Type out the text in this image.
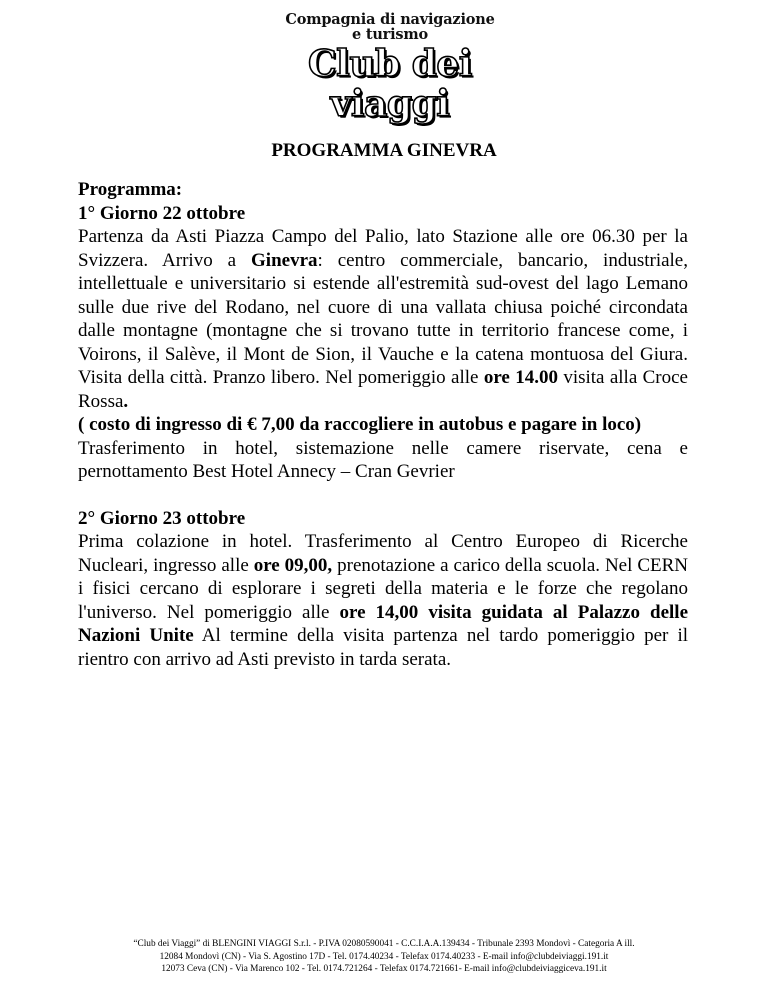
Compagnia di navigazione
e turismo
Club dei viaggi
PROGRAMMA GINEVRA

Programma:

1° Giorno 22 ottobre

Partenza da Asti Piazza Campo del Palio, lato Stazione alle ore 06.30 per la Svizzera. Arrivo a Ginevra: centro commerciale, bancario, industriale, intellettuale e universitario si estende all'estremità sud-ovest del lago Lemano sulle due rive del Rodano, nel cuore di una vallata chiusa poiché circondata dalle montagne (montagne che si trovano tutte in territorio francese come, i Voirons, il Salève, il Mont de Sion, il Vauche e la catena montuosa del Giura. Visita della città. Pranzo libero. Nel pomeriggio alle ore 14.00 visita alla Croce Rossa.

( costo di ingresso di € 7,00 da raccogliere in autobus e pagare in loco)

Trasferimento in hotel, sistemazione nelle camere riservate, cena e pernottamento Best Hotel Annecy – Cran Gevrier

2° Giorno 23 ottobre

Prima colazione in hotel. Trasferimento al Centro Europeo di Ricerche Nucleari, ingresso alle ore 09,00, prenotazione a carico della scuola. Nel CERN i fisici cercano di esplorare i segreti della materia e le forze che regolano l'universo. Nel pomeriggio alle ore 14,00 visita guidata al Palazzo delle Nazioni Unite Al termine della visita partenza nel tardo pomeriggio per il rientro con arrivo ad Asti previsto in tarda serata.

“Club dei Viaggi” di BLENGINI VIAGGI S.r.l. - P.IVA 02080590041 - C.C.I.A.A.139434 - Tribunale 2393 Mondovì - Categoria A ill.
12084 Mondovì (CN) - Via S. Agostino 17D - Tel. 0174.40234 - Telefax 0174.40233 - E-mail info@clubdeiviaggi.191.it
12073 Ceva (CN) - Via Marenco 102 - Tel. 0174.721264 - Telefax 0174.721661- E-mail info@clubdeiviaggiceva.191.it
